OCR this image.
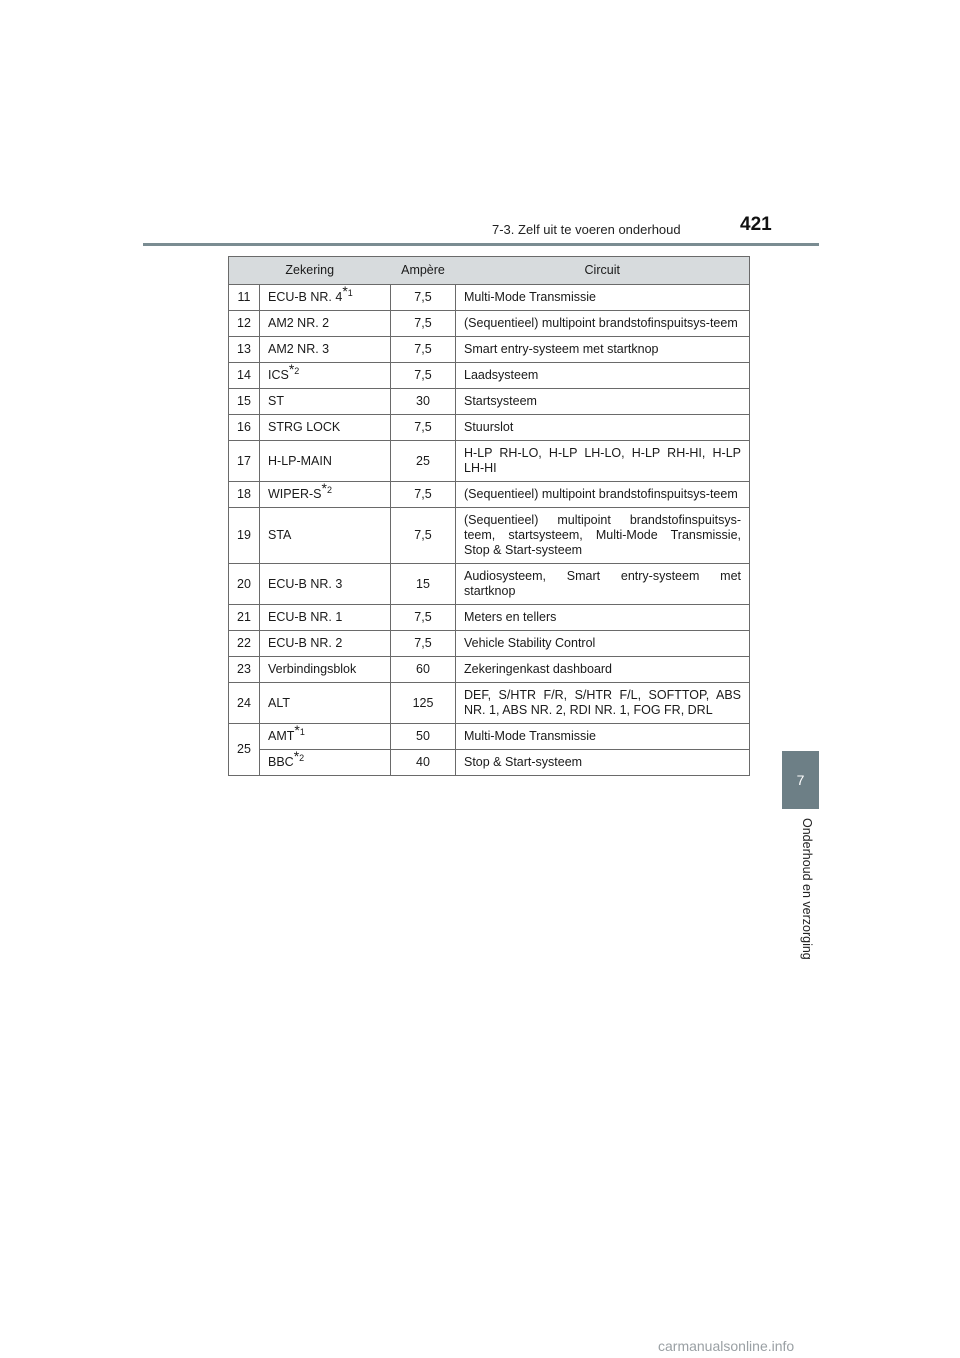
7-3. Zelf uit te voeren onderhoud	421
7
Onderhoud en verzorging
Zekering		Ampère	Circuit
11	ECU-B NR. 4$^{*1}$	7,5	Multi-Mode Transmissie
12	AM2 NR. 2	7,5	(Sequentieel) multipoint brandstofinspuitsys-teem
13	AM2 NR. 3	7,5	Smart entry-systeem met startknop
14	ICS$^{*2}$	7,5	Laadsysteem
15	ST	30	Startsysteem
16	STRG LOCK	7,5	Stuurslot
17	H-LP-MAIN	25	H-LP RH-LO, H-LP LH-LO, H-LP RH-HI, H-LP LH-HI
18	WIPER-$S^{*2}$	7,5	(Sequentieel) multipoint brandstofinspuitsys-teem
19	STA	7,5	(Sequentieel) multipoint brandstofinspuitsys-teem, startsysteem, Multi-Mode Transmissie, Stop & Start-systeem
20	ECU-B NR. 3	15	Audiosysteem, Smart entry-systeem met startknop
21	ECU-B NR. 1	7,5	Meters en tellers
22	ECU-B NR. 2	7,5	Vehicle Stability Control
23	Verbindingsblok	60	Zekeringenkast dashboard
24	ALT	125	DEF, S/HTR F/R, S/HTR F/L, SOFTTOP, ABS NR. 1, ABS NR. 2, RDI NR. 1, FOG FR, DRL
25	AMT$^{*1}$	50	Multi-Mode Transmissie
	BBC$^{*2}$	40	Stop & Start-systeem
carmanualsonline.info
